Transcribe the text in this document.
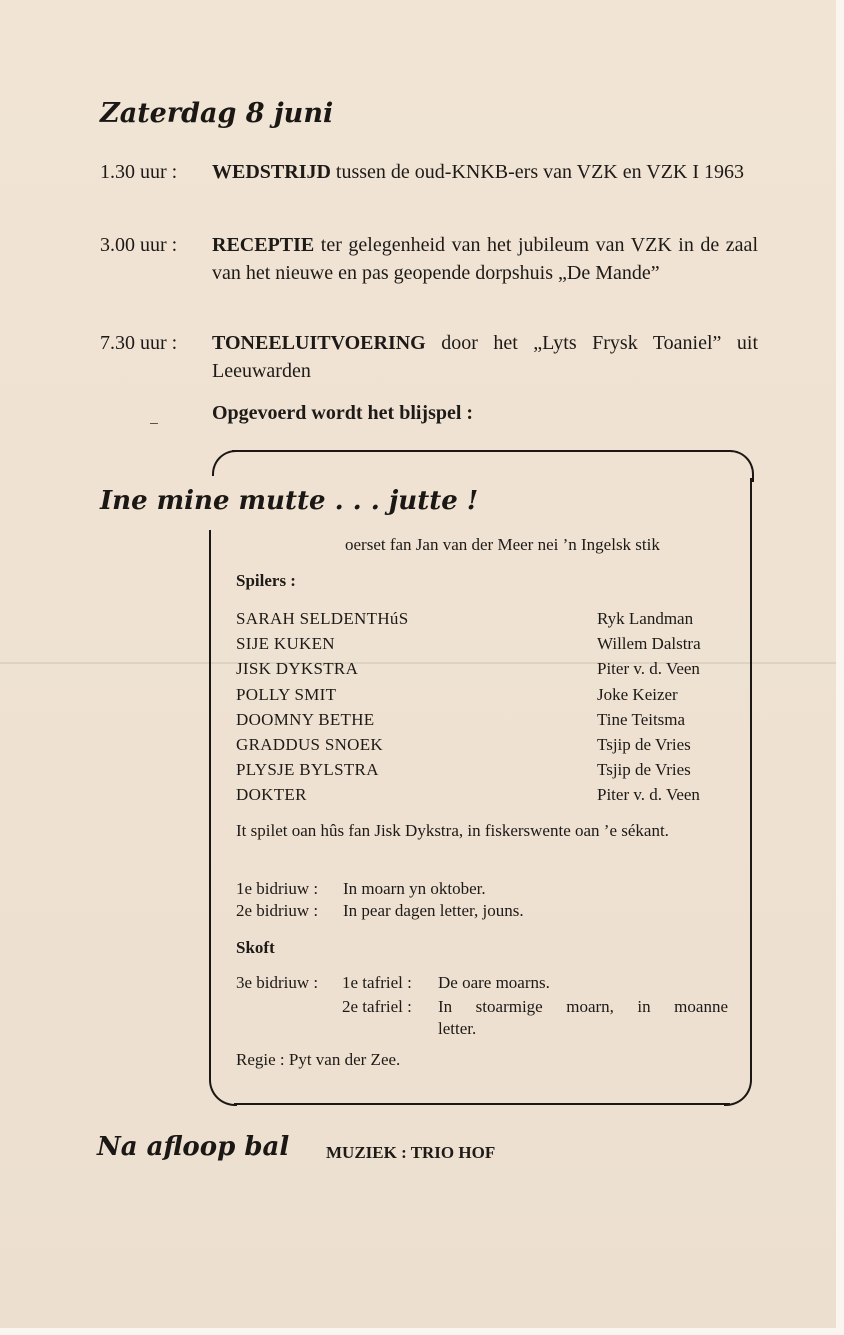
Zaterdag 8 juni
1.30 uur :	WEDSTRIJD tussen de oud-KNKB-ers van VZK en VZK I 1963
3.00 uur :	RECEPTIE ter gelegenheid van het jubileum van VZK in de zaal van het nieuwe en pas geopende dorpshuis „De Mande”
7.30 uur :	TONEELUITVOERING door het „Lyts Frysk Toaniel” uit Leeuwarden
Opgevoerd wordt het blijspel :
Ine mine mutte . . . jutte !
oerset fan Jan van der Meer nei ’n Ingelsk stik
Spilers :
SARAH SELDENTHúS	Ryk Landman
SIJE KUKEN	Willem Dalstra
JISK DYKSTRA	Piter v. d. Veen
POLLY SMIT	Joke Keizer
DOOMNY BETHE	Tine Teitsma
GRADDUS SNOEK	Tsjip de Vries
PLYSJE BYLSTRA	Tsjip de Vries
DOKTER	Piter v. d. Veen
It spilet oan hûs fan Jisk Dykstra, in fiskerswente oan ’e sékant.
1e bidriuw : In moarn yn oktober.
2e bidriuw : In pear dagen letter, jouns.
Skoft
3e bidriuw : 1e tafriel : De oare moarns.
2e tafriel : In stoarmige moarn, in moanne
letter.
Regie : Pyt van der Zee.
Na afloop bal MUZIEK : TRIO HOF
